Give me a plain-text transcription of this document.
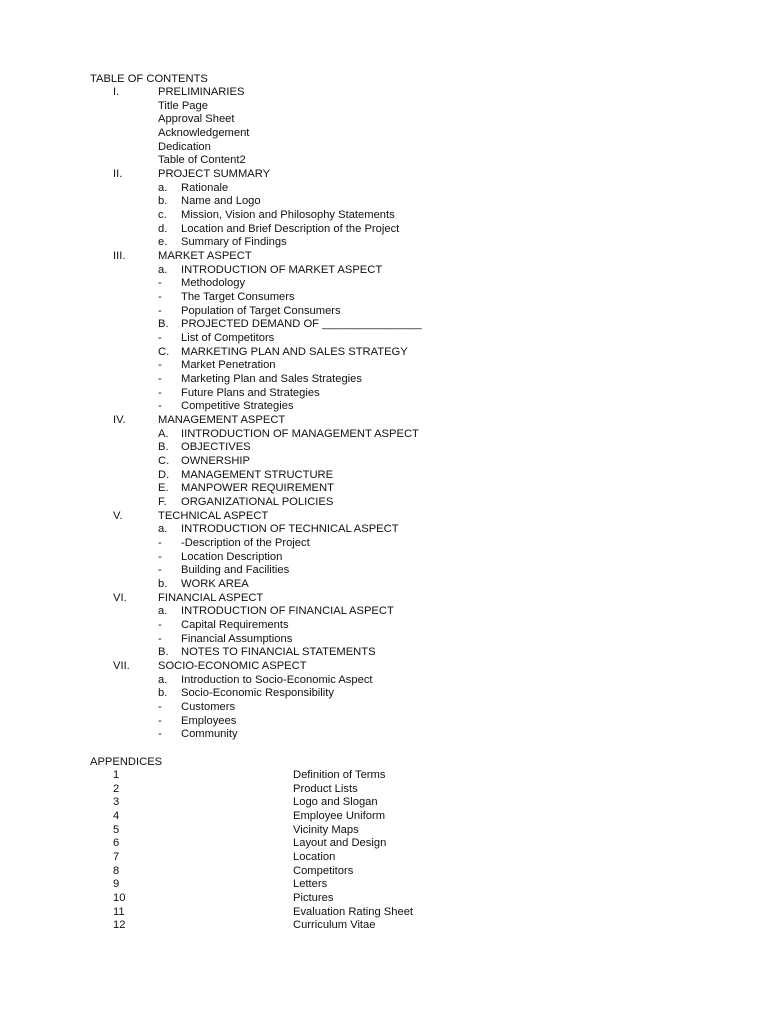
TABLE OF CONTENTS
I.	PRELIMINARIES
Title Page
Approval Sheet
Acknowledgement
Dedication
Table of Content2
II.	PROJECT SUMMARY
a. Rationale
b. Name and Logo
c. Mission, Vision and Philosophy Statements
d. Location and Brief Description of the Project
e. Summary of Findings
III.	MARKET ASPECT
a. INTRODUCTION OF MARKET ASPECT
- Methodology
- The Target Consumers
- Population of Target Consumers
B. PROJECTED DEMAND OF ________________
- List of Competitors
C. MARKETING PLAN AND SALES STRATEGY
- Market Penetration
- Marketing Plan and Sales Strategies
- Future Plans and Strategies
- Competitive Strategies
IV.	MANAGEMENT ASPECT
A. IINTRODUCTION OF MANAGEMENT ASPECT
B. OBJECTIVES
C. OWNERSHIP
D. MANAGEMENT STRUCTURE
E. MANPOWER REQUIREMENT
F. ORGANIZATIONAL POLICIES
V.	TECHNICAL ASPECT
a. INTRODUCTION OF TECHNICAL ASPECT
- -Description of the Project
- Location Description
- Building and Facilities
b. WORK AREA
VI.	FINANCIAL ASPECT
a. INTRODUCTION OF FINANCIAL ASPECT
- Capital Requirements
- Financial Assumptions
B. NOTES TO FINANCIAL STATEMENTS
VII.	SOCIO-ECONOMIC ASPECT
a. Introduction to Socio-Economic Aspect
b. Socio-Economic Responsibility
- Customers
- Employees
- Community
APPENDICES
1	Definition of Terms
2	Product Lists
3	Logo and Slogan
4	Employee Uniform
5	Vicinity Maps
6	Layout and Design
7	Location
8	Competitors
9	Letters
10	Pictures
11	Evaluation Rating Sheet
12	Curriculum Vitae
